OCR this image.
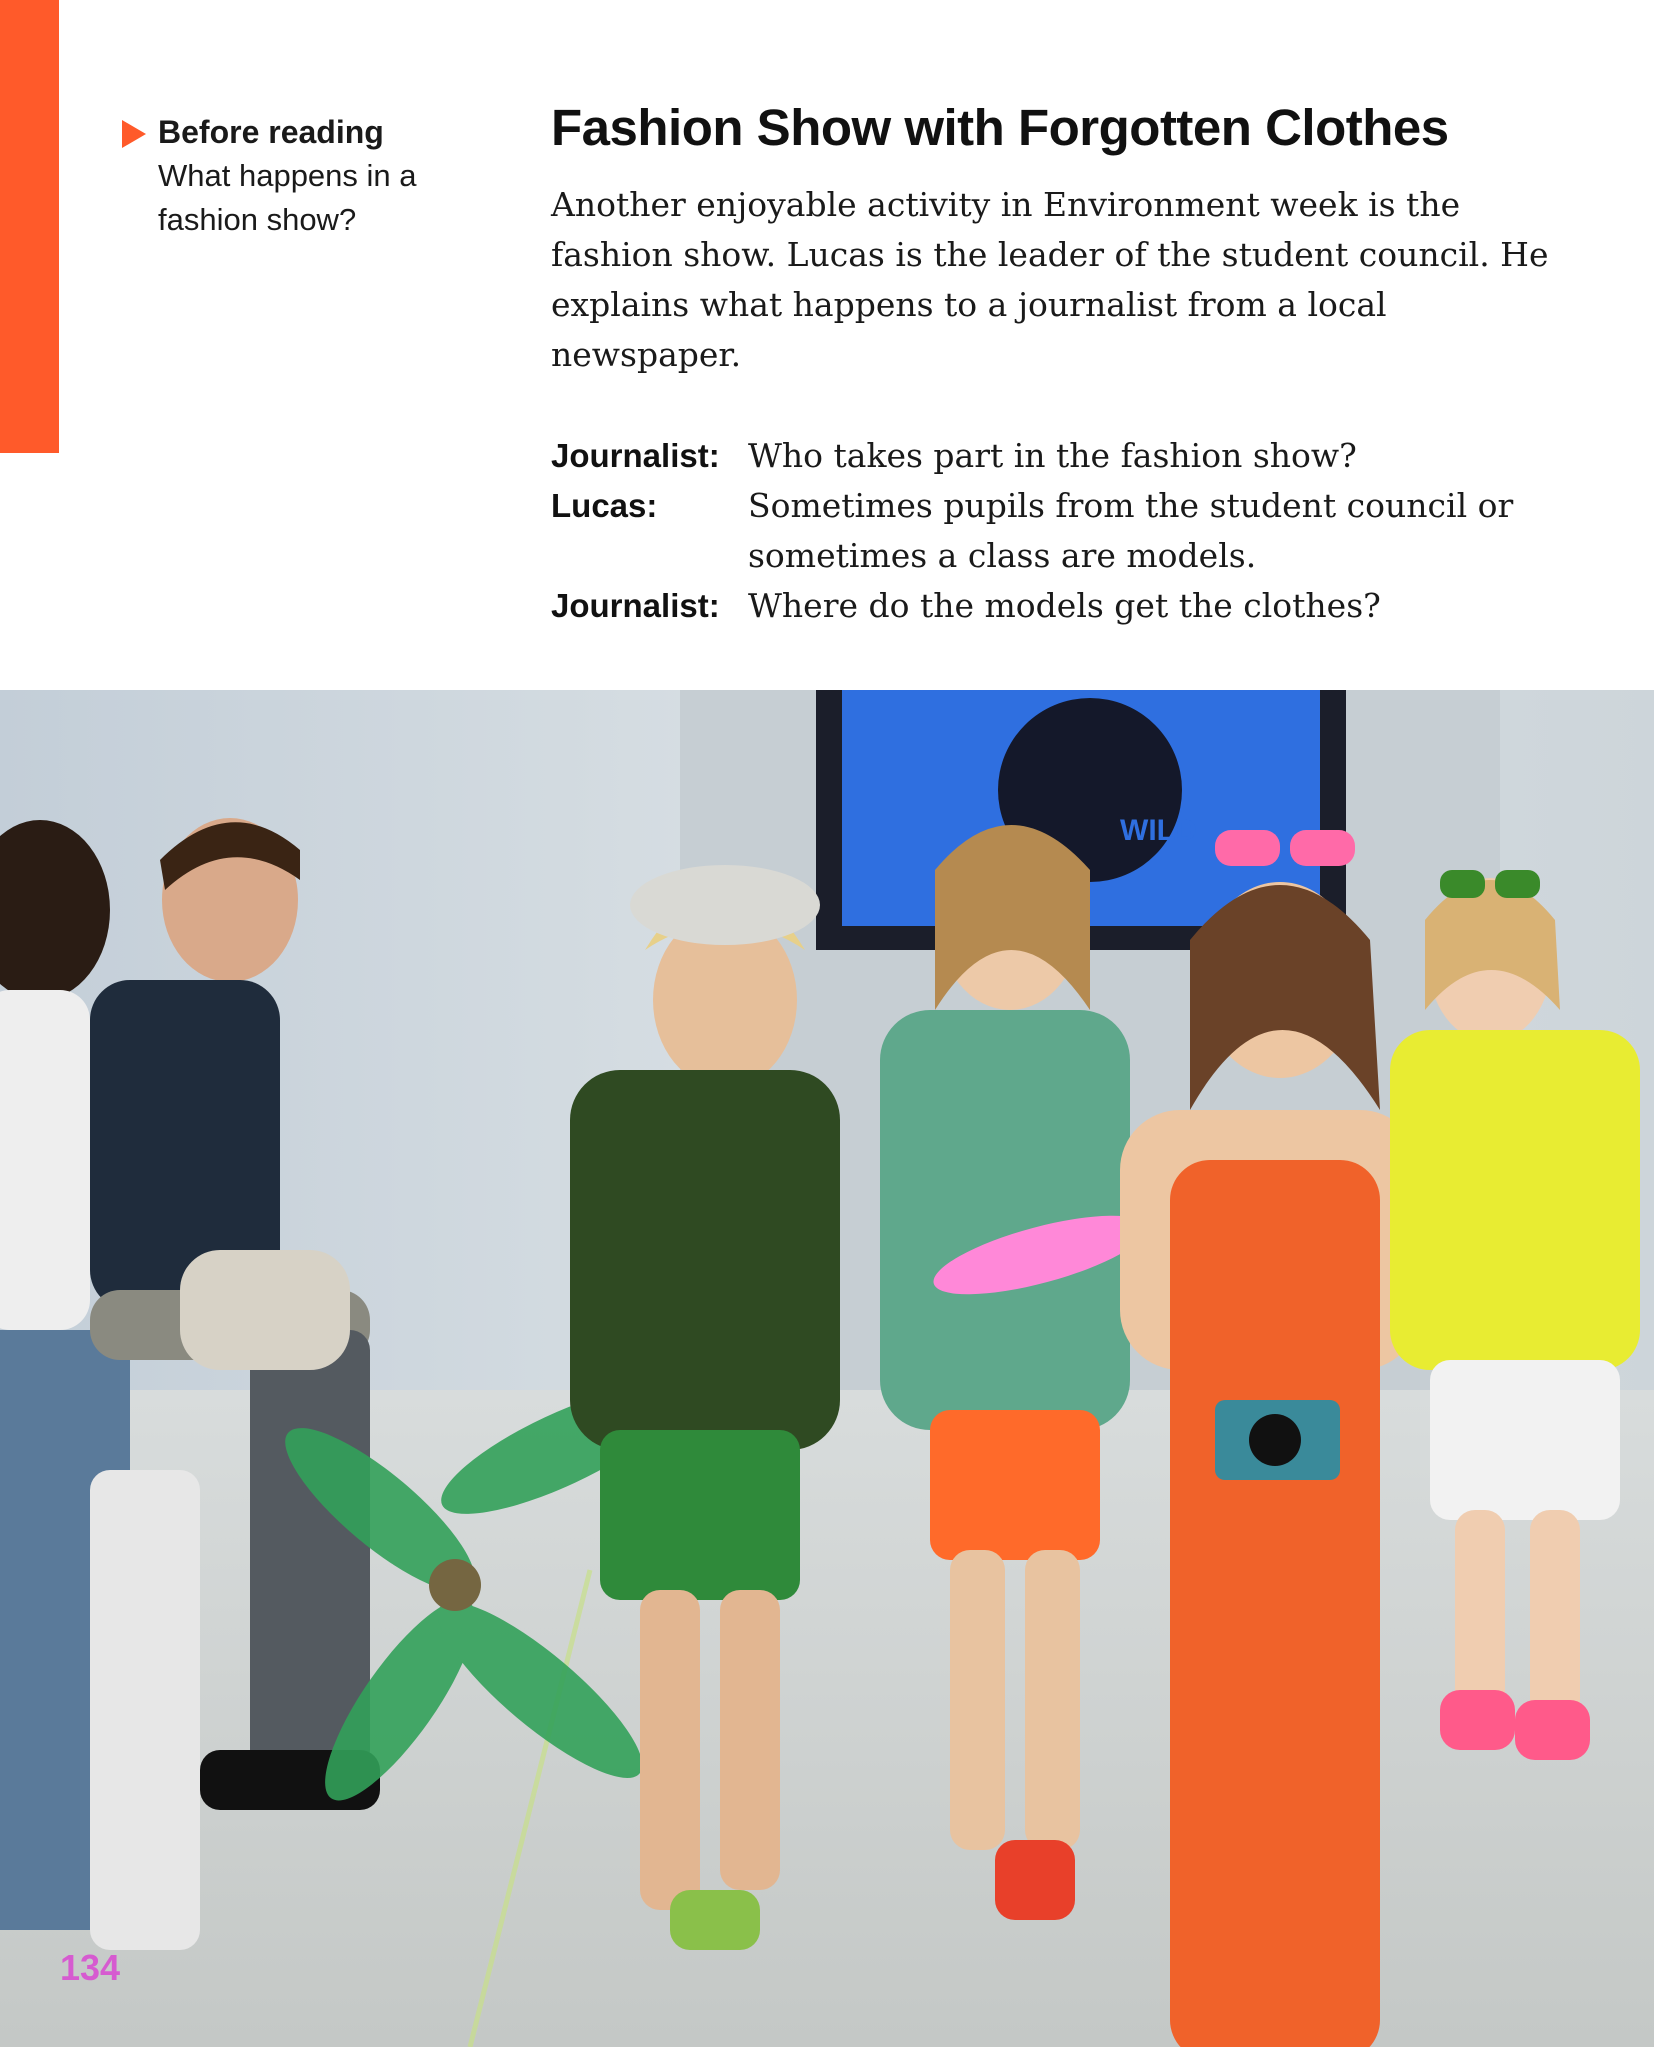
Before reading
What happens in a
fashion show?
Fashion Show with Forgotten Clothes

Another enjoyable activity in Environment week is the fashion show. Lucas is the leader of the student council. He explains what happens to a journalist from a local newspaper.

Journalist: Who takes part in the fashion show?
Lucas:	Sometimes pupils from the student council or sometimes a class are models.
Journalist: Where do the models get the clothes?
WILD
134
